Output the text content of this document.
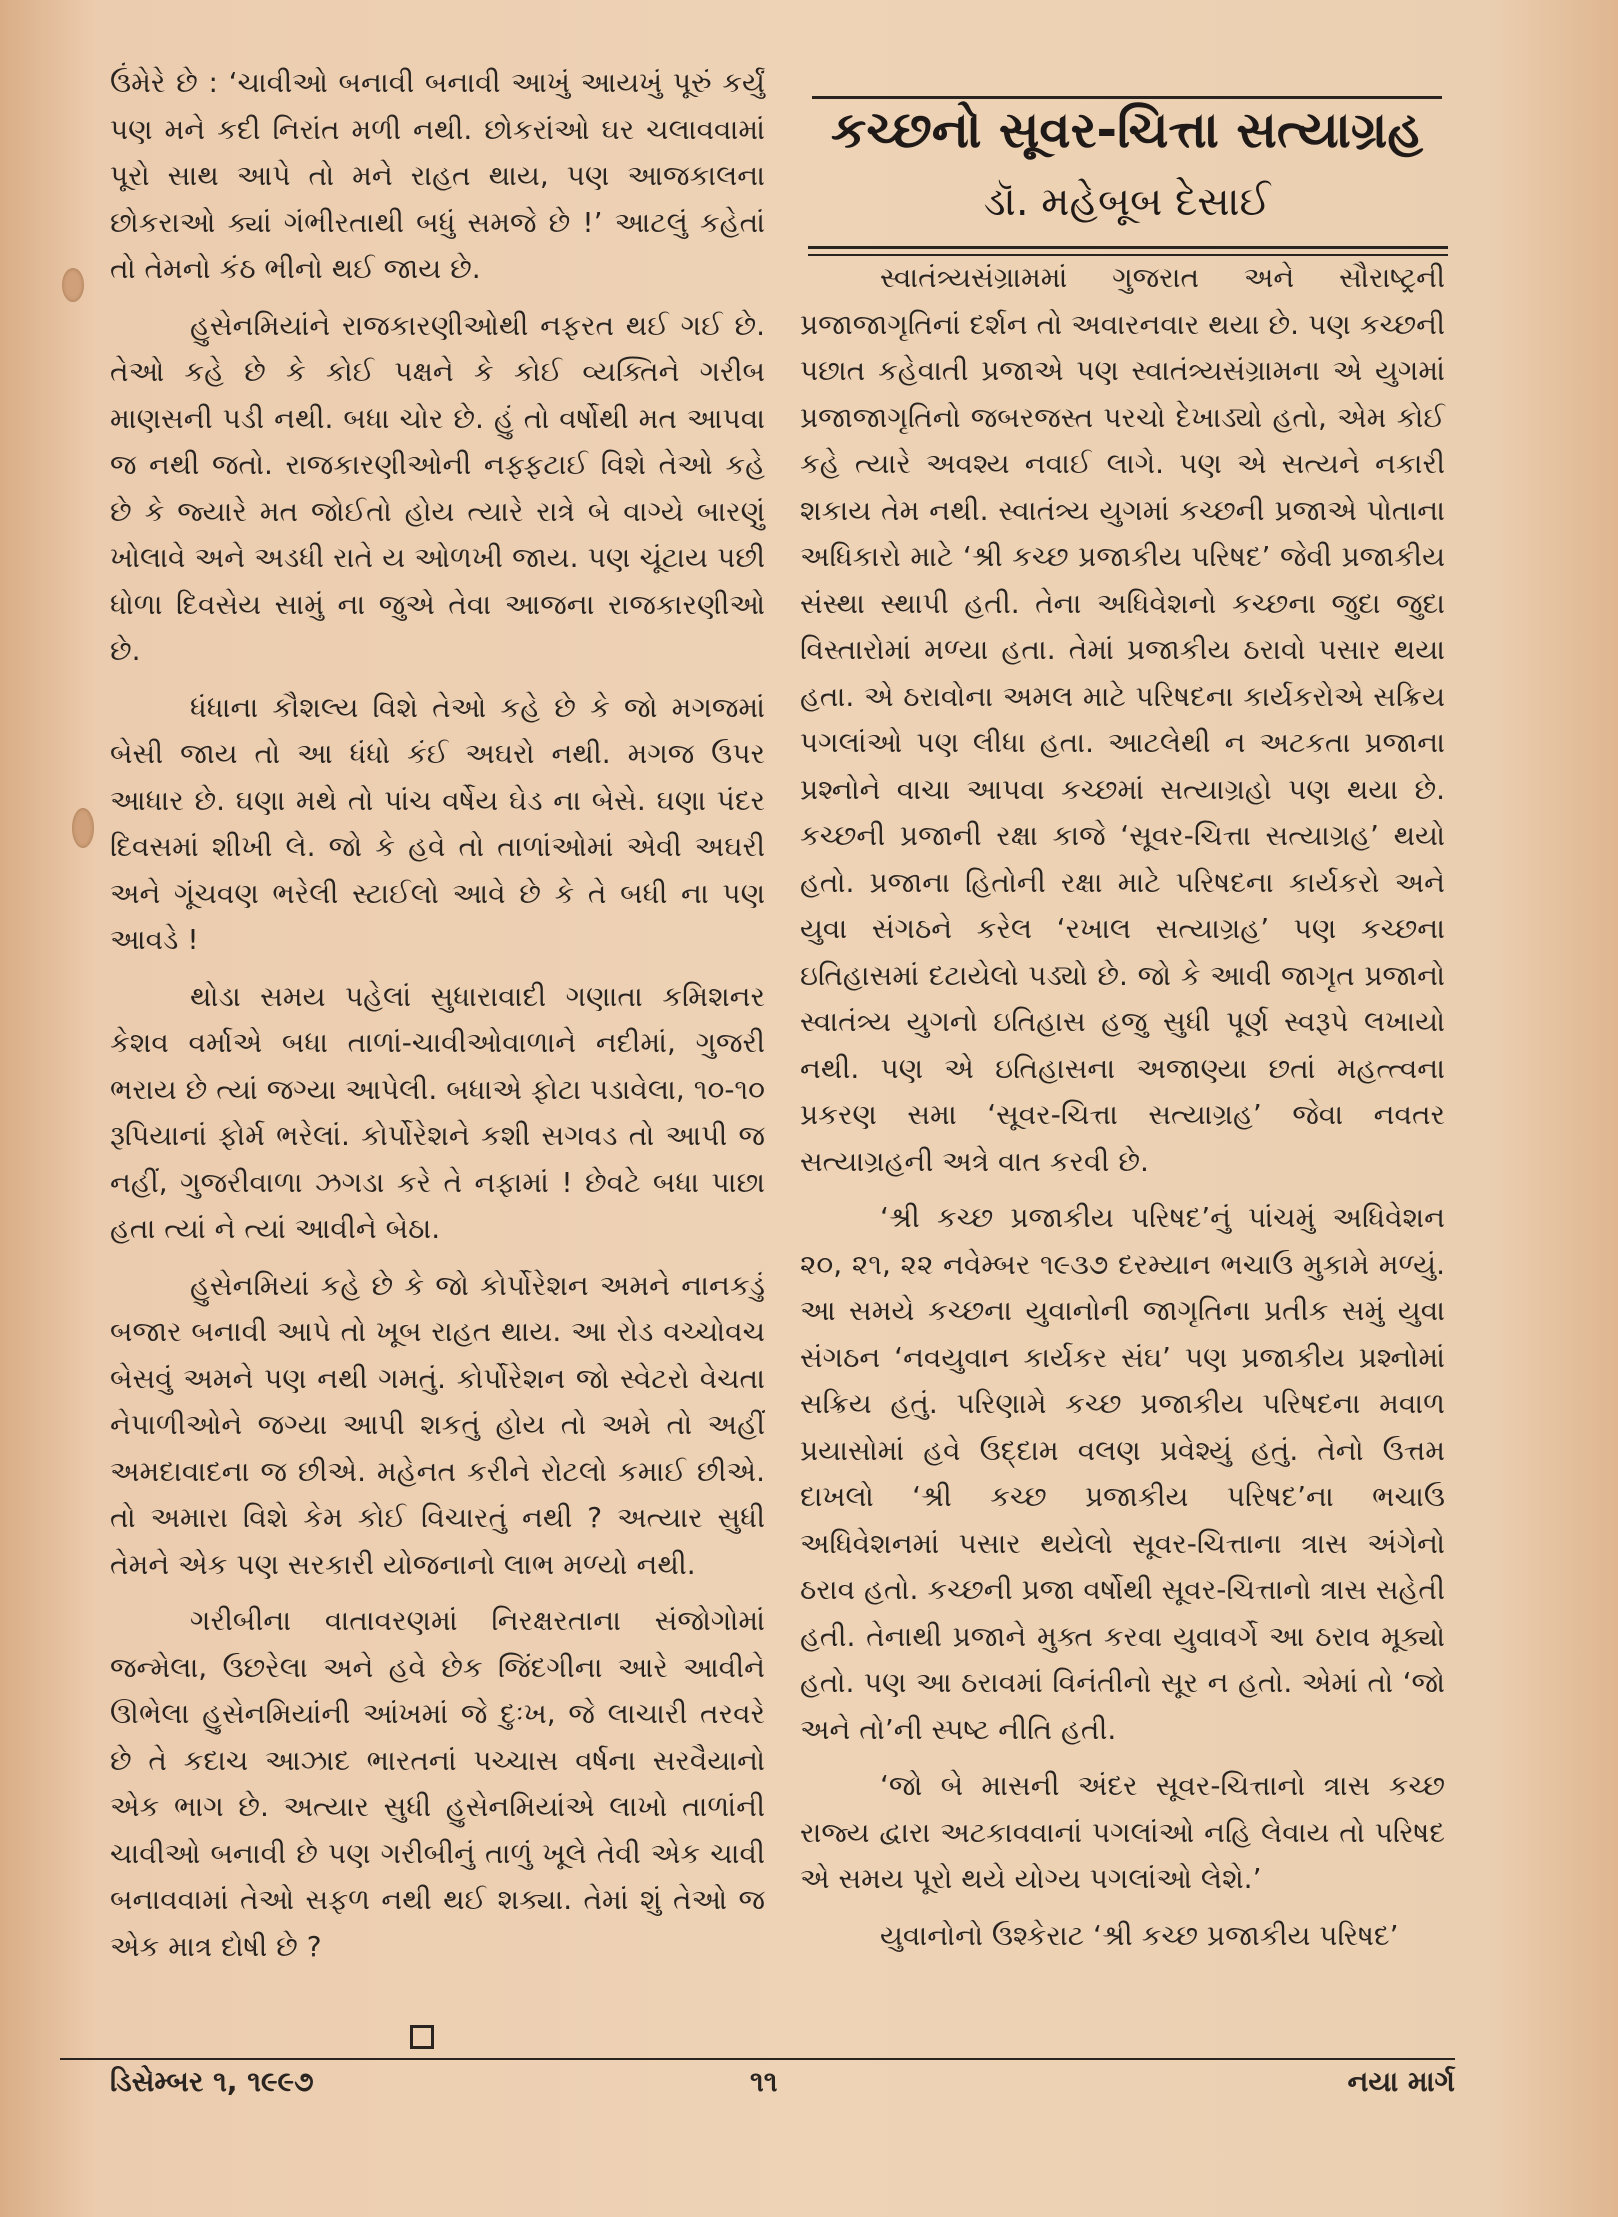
ઉંમેરે છે : ‘ચાવીઓ બનાવી બનાવી આખું આયખું પૂરું કર્યું પણ મને કદી નિરાંત મળી નથી. છોકરાંઓ ઘર ચલાવવામાં પૂરો સાથ આપે તો મને રાહત થાય, પણ આજકાલના છોકરાઓ ક્યાં ગંભીરતાથી બધું સમજે છે !’ આટલું કહેતાં તો તેમનો કંઠ ભીનો થઈ જાય છે.

હુસેનમિયાંને રાજકારણીઓથી નફરત થઈ ગઈ છે. તેઓ કહે છે કે કોઈ પક્ષને કે કોઈ વ્યક્તિને ગરીબ માણસની પડી નથી. બધા ચોર છે. હું તો વર્ષોથી મત આપવા જ નથી જતો. રાજકારણીઓની નફ્ફટાઈ વિશે તેઓ કહે છે કે જ્યારે મત જોઈતો હોય ત્યારે રાત્રે બે વાગ્યે બારણું ખોલાવે અને અડધી રાતે ય ઓળખી જાય. પણ ચૂંટાય પછી ધોળા દિવસેય સામું ના જુએ તેવા આજના રાજકારણીઓ છે.

ધંધાના કૌશલ્ય વિશે તેઓ કહે છે કે જો મગજમાં બેસી જાય તો આ ધંધો કંઈ અઘરો નથી. મગજ ઉપર આધાર છે. ઘણા મથે તો પાંચ વર્ષેય ઘેડ ના બેસે. ઘણા પંદર દિવસમાં શીખી લે. જો કે હવે તો તાળાંઓમાં એવી અઘરી અને ગૂંચવણ ભરેલી સ્ટાઈલો આવે છે કે તે બધી ના પણ આવડે !

થોડા સમય પહેલાં સુધારાવાદી ગણાતા કમિશનર કેશવ વર્માએ બધા તાળાં-ચાવીઓવાળાને નદીમાં, ગુજરી ભરાય છે ત્યાં જગ્યા આપેલી. બધાએ ફોટા પડાવેલા, ૧૦-૧૦ રૂપિયાનાં ફોર્મ ભરેલાં. કોર્પોરેશને કશી સગવડ તો આપી જ નહીં, ગુજરીવાળા ઝગડા કરે તે નફામાં ! છેવટે બધા પાછા હતા ત્યાં ને ત્યાં આવીને બેઠા.

હુસેનમિયાં કહે છે કે જો કોર્પોરેશન અમને નાનકડું બજાર બનાવી આપે તો ખૂબ રાહત થાય. આ રોડ વચ્ચોવચ બેસવું અમને પણ નથી ગમતું. કોર્પોરેશન જો સ્વેટરો વેચતા નેપાળીઓને જગ્યા આપી શકતું હોય તો અમે તો અહીં અમદાવાદના જ છીએ. મહેનત કરીને રોટલો કમાઈ છીએ. તો અમારા વિશે કેમ કોઈ વિચારતું નથી ? અત્યાર સુધી તેમને એક પણ સરકારી યોજનાનો લાભ મળ્યો નથી.

ગરીબીના વાતાવરણમાં નિરક્ષરતાના સંજોગોમાં જન્મેલા, ઉછરેલા અને હવે છેક જિંદગીના આરે આવીને ઊભેલા હુસેનમિયાંની આંખમાં જે દુઃખ, જે લાચારી તરવરે છે તે કદાચ આઝાદ ભારતનાં પચ્ચાસ વર્ષના સરવૈયાનો એક ભાગ છે. અત્યાર સુધી હુસેનમિયાંએ લાખો તાળાંની ચાવીઓ બનાવી છે પણ ગરીબીનું તાળું ખૂલે તેવી એક ચાવી બનાવવામાં તેઓ સફળ નથી થઈ શક્યા. તેમાં શું તેઓ જ એક માત્ર દોષી છે ?

કચ્છનો સૂવર-ચિત્તા સત્યાગ્રહ
ડૉ. મહેબૂબ દેસાઈ

સ્વાતંત્ર્યસંગ્રામમાં ગુજરાત અને સૌરાષ્ટ્રની પ્રજાજાગૃતિનાં દર્શન તો અવારનવાર થયા છે. પણ કચ્છની પછાત કહેવાતી પ્રજાએ પણ સ્વાતંત્ર્યસંગ્રામના એ યુગમાં પ્રજાજાગૃતિનો જબરજસ્ત પરચો દેખાડ્યો હતો, એમ કોઈ કહે ત્યારે અવશ્ય નવાઈ લાગે. પણ એ સત્યને નકારી શકાય તેમ નથી. સ્વાતંત્ર્ય યુગમાં કચ્છની પ્રજાએ પોતાના અધિકારો માટે ‘શ્રી કચ્છ પ્રજાકીય પરિષદ’ જેવી પ્રજાકીય સંસ્થા સ્થાપી હતી. તેના અધિવેશનો કચ્છના જુદા જુદા વિસ્તારોમાં મળ્યા હતા. તેમાં પ્રજાકીય ઠરાવો પસાર થયા હતા. એ ઠરાવોના અમલ માટે પરિષદના કાર્યકરોએ સક્રિય પગલાંઓ પણ લીધા હતા. આટલેથી ન અટકતા પ્રજાના પ્રશ્નોને વાચા આપવા કચ્છમાં સત્યાગ્રહો પણ થયા છે. કચ્છની પ્રજાની રક્ષા કાજે ‘સૂવર-ચિત્તા સત્યાગ્રહ’ થયો હતો. પ્રજાના હિતોની રક્ષા માટે પરિષદના કાર્યકરો અને યુવા સંગઠને કરેલ ‘રખાલ સત્યાગ્રહ’ પણ કચ્છના ઇતિહાસમાં દટાયેલો પડ્યો છે. જો કે આવી જાગૃત પ્રજાનો સ્વાતંત્ર્ય યુગનો ઇતિહાસ હજુ સુધી પૂર્ણ સ્વરૂપે લખાયો નથી. પણ એ ઇતિહાસના અજાણ્યા છતાં મહત્ત્વના પ્રકરણ સમા ‘સૂવર-ચિત્તા સત્યાગ્રહ’ જેવા નવતર સત્યાગ્રહની અત્રે વાત કરવી છે.

‘શ્રી કચ્છ પ્રજાકીય પરિષદ’નું પાંચમું અધિવેશન ૨૦, ૨૧, ૨૨ નવેમ્બર ૧૯૩૭ દરમ્યાન ભચાઉ મુકામે મળ્યું. આ સમયે કચ્છના યુવાનોની જાગૃતિના પ્રતીક સમું યુવા સંગઠન ‘નવયુવાન કાર્યકર સંઘ’ પણ પ્રજાકીય પ્રશ્નોમાં સક્રિય હતું. પરિણામે કચ્છ પ્રજાકીય પરિષદના મવાળ પ્રયાસોમાં હવે ઉદ્દામ વલણ પ્રવેશ્યું હતું. તેનો ઉત્તમ દાખલો ‘શ્રી કચ્છ પ્રજાકીય પરિષદ’ના ભચાઉ અધિવેશનમાં પસાર થયેલો સૂવર-ચિત્તાના ત્રાસ અંગેનો ઠરાવ હતો. કચ્છની પ્રજા વર્ષોથી સૂવર-ચિત્તાનો ત્રાસ સહેતી હતી. તેનાથી પ્રજાને મુક્ત કરવા યુવાવર્ગે આ ઠરાવ મૂક્યો હતો. પણ આ ઠરાવમાં વિનંતીનો સૂર ન હતો. એમાં તો ‘જો અને તો’ની સ્પષ્ટ નીતિ હતી.

‘જો બે માસની અંદર સૂવર-ચિત્તાનો ત્રાસ કચ્છ રાજ્ય દ્વારા અટકાવવાનાં પગલાંઓ નહિ લેવાય તો પરિષદ એ સમય પૂરો થયે યોગ્ય પગલાંઓ લેશે.’

યુવાનોનો ઉશ્કેરાટ ‘શ્રી કચ્છ પ્રજાકીય પરિષદ’

ડિસેમ્બર ૧, ૧૯૯૭	૧૧	નયા માર્ગ
